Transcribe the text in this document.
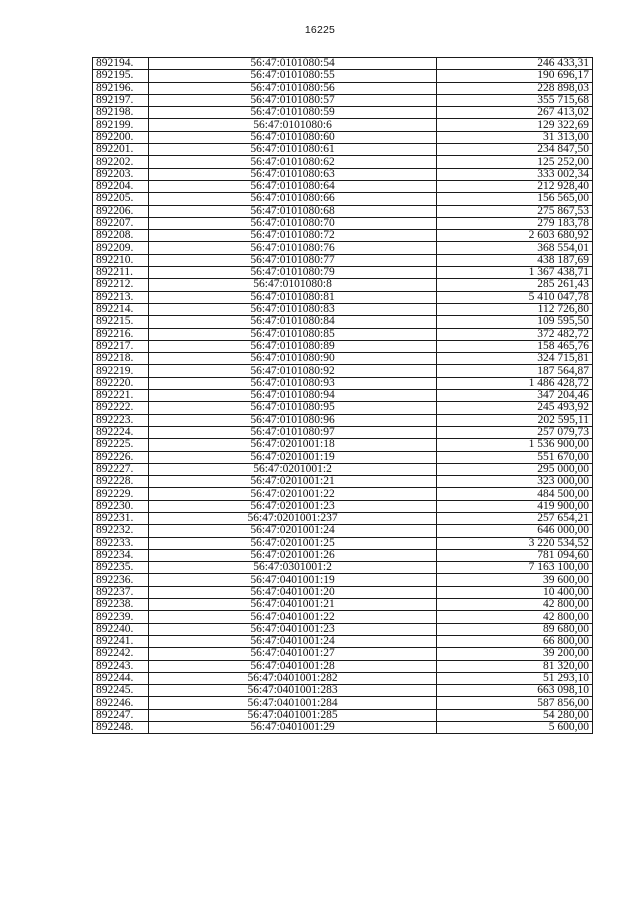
16225
892194.	56:47:0101080:54	246 433,31
892195.	56:47:0101080:55	190 696,17
892196.	56:47:0101080:56	228 898,03
892197.	56:47:0101080:57	355 715,68
892198.	56:47:0101080:59	267 413,02
892199.	56:47:0101080:6	129 322,69
892200.	56:47:0101080:60	31 313,00
892201.	56:47:0101080:61	234 847,50
892202.	56:47:0101080:62	125 252,00
892203.	56:47:0101080:63	333 002,34
892204.	56:47:0101080:64	212 928,40
892205.	56:47:0101080:66	156 565,00
892206.	56:47:0101080:68	275 867,53
892207.	56:47:0101080:70	279 183,78
892208.	56:47:0101080:72	2 603 680,92
892209.	56:47:0101080:76	368 554,01
892210.	56:47:0101080:77	438 187,69
892211.	56:47:0101080:79	1 367 438,71
892212.	56:47:0101080:8	285 261,43
892213.	56:47:0101080:81	5 410 047,78
892214.	56:47:0101080:83	112 726,80
892215.	56:47:0101080:84	109 595,50
892216.	56:47:0101080:85	372 482,72
892217.	56:47:0101080:89	158 465,76
892218.	56:47:0101080:90	324 715,81
892219.	56:47:0101080:92	187 564,87
892220.	56:47:0101080:93	1 486 428,72
892221.	56:47:0101080:94	347 204,46
892222.	56:47:0101080:95	245 493,92
892223.	56:47:0101080:96	202 595,11
892224.	56:47:0101080:97	257 079,73
892225.	56:47:0201001:18	1 536 900,00
892226.	56:47:0201001:19	551 670,00
892227.	56:47:0201001:2	295 000,00
892228.	56:47:0201001:21	323 000,00
892229.	56:47:0201001:22	484 500,00
892230.	56:47:0201001:23	419 900,00
892231.	56:47:0201001:237	257 654,21
892232.	56:47:0201001:24	646 000,00
892233.	56:47:0201001:25	3 220 534,52
892234.	56:47:0201001:26	781 094,60
892235.	56:47:0301001:2	7 163 100,00
892236.	56:47:0401001:19	39 600,00
892237.	56:47:0401001:20	10 400,00
892238.	56:47:0401001:21	42 800,00
892239.	56:47:0401001:22	42 800,00
892240.	56:47:0401001:23	89 680,00
892241.	56:47:0401001:24	66 800,00
892242.	56:47:0401001:27	39 200,00
892243.	56:47:0401001:28	81 320,00
892244.	56:47:0401001:282	51 293,10
892245.	56:47:0401001:283	663 098,10
892246.	56:47:0401001:284	587 856,00
892247.	56:47:0401001:285	54 280,00
892248.	56:47:0401001:29	5 600,00
